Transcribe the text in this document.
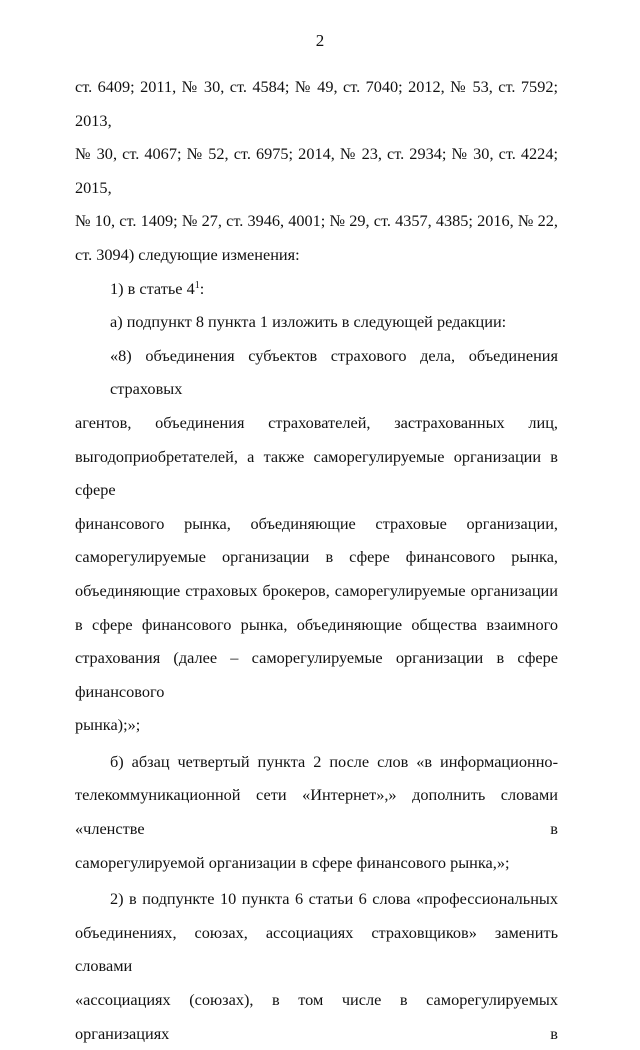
2
ст. 6409; 2011, № 30, ст. 4584; № 49, ст. 7040; 2012, № 53, ст. 7592; 2013,
№ 30, ст. 4067; № 52, ст. 6975; 2014, № 23, ст. 2934; № 30, ст. 4224; 2015,
№ 10, ст. 1409; № 27, ст. 3946, 4001; № 29, ст. 4357, 4385; 2016, № 22,
ст. 3094) следующие изменения:
1) в статье $4^1$:
а) подпункт 8 пункта 1 изложить в следующей редакции:
«8) объединения субъектов страхового дела, объединения страховых
агентов, объединения страхователей, застрахованных лиц,
выгодоприобретателей, а также саморегулируемые организации в сфере
финансового рынка, объединяющие страховые организации,
саморегулируемые организации в сфере финансового рынка,
объединяющие страховых брокеров, саморегулируемые организации
в сфере финансового рынка, объединяющие общества взаимного
страхования (далее – саморегулируемые организации в сфере финансового
рынка);»;
б) абзац четвертый пункта 2 после слов «в информационно-
телекоммуникационной сети «Интернет»,» дополнить словами «членстве в
саморегулируемой организации в сфере финансового рынка,»;
2) в подпункте 10 пункта 6 статьи 6 слова «профессиональных
объединениях, союзах, ассоциациях страховщиков» заменить словами
«ассоциациях (союзах), в том числе в саморегулируемых организациях в
